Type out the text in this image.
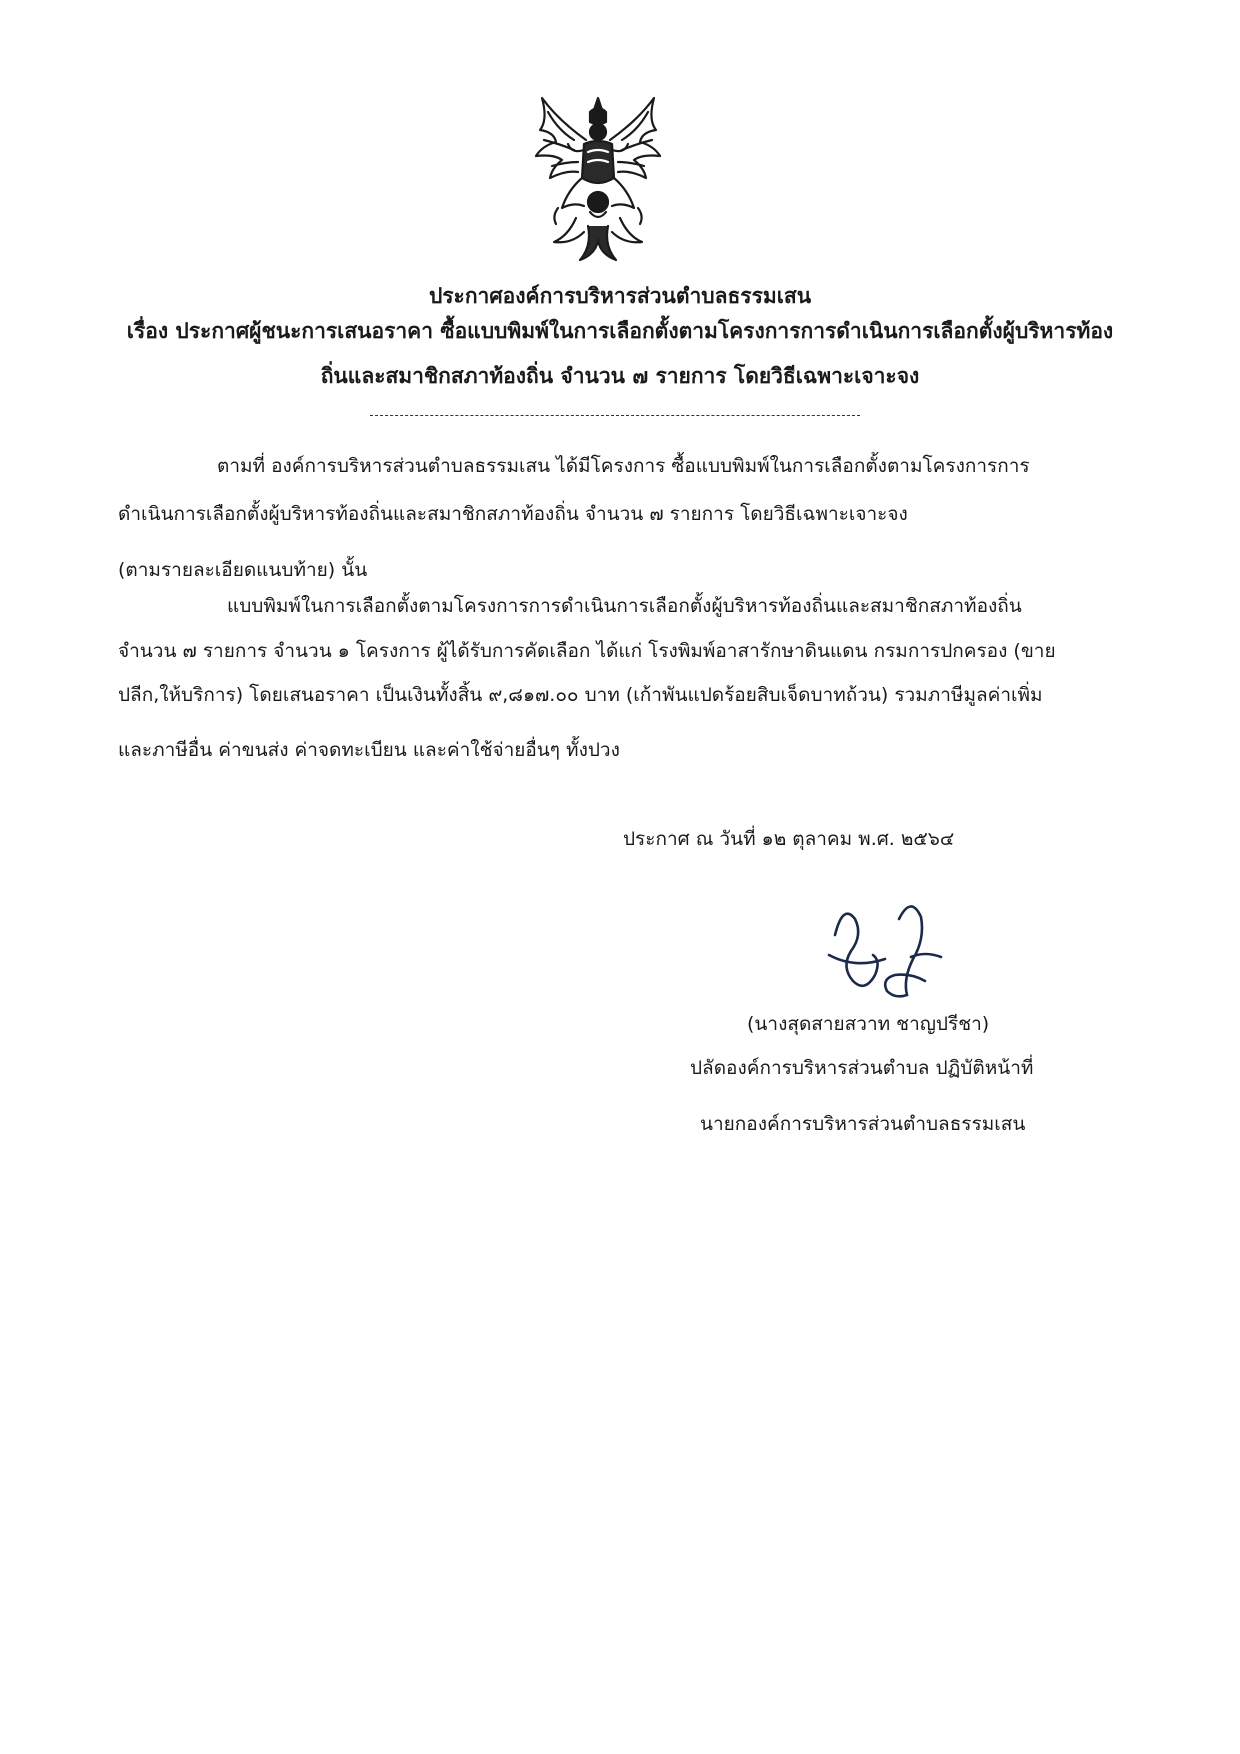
ประกาศองค์การบริหารส่วนตำบลธรรมเสน
เรื่อง ประกาศผู้ชนะการเสนอราคา ซื้อแบบพิมพ์ในการเลือกตั้งตามโครงการการดำเนินการเลือกตั้งผู้บริหารท้อง
ถิ่นและสมาชิกสภาท้องถิ่น จำนวน ๗ รายการ โดยวิธีเฉพาะเจาะจง
ตามที่ องค์การบริหารส่วนตำบลธรรมเสน ได้มีโครงการ ซื้อแบบพิมพ์ในการเลือกตั้งตามโครงการการ
ดำเนินการเลือกตั้งผู้บริหารท้องถิ่นและสมาชิกสภาท้องถิ่น จำนวน ๗ รายการ โดยวิธีเฉพาะเจาะจง
(ตามรายละเอียดแนบท้าย) นั้น
แบบพิมพ์ในการเลือกตั้งตามโครงการการดำเนินการเลือกตั้งผู้บริหารท้องถิ่นและสมาชิกสภาท้องถิ่น
จำนวน ๗ รายการ จำนวน ๑ โครงการ ผู้ได้รับการคัดเลือก ได้แก่ โรงพิมพ์อาสารักษาดินแดน กรมการปกครอง (ขาย
ปลีก,ให้บริการ) โดยเสนอราคา เป็นเงินทั้งสิ้น ๙,๘๑๗.๐๐ บาท (เก้าพันแปดร้อยสิบเจ็ดบาทถ้วน) รวมภาษีมูลค่าเพิ่ม
และภาษีอื่น ค่าขนส่ง ค่าจดทะเบียน และค่าใช้จ่ายอื่นๆ ทั้งปวง
ประกาศ ณ วันที่ ๑๒ ตุลาคม พ.ศ. ๒๕๖๔
(นางสุดสายสวาท ชาญปรีชา)
ปลัดองค์การบริหารส่วนตำบล ปฏิบัติหน้าที่
นายกองค์การบริหารส่วนตำบลธรรมเสน
